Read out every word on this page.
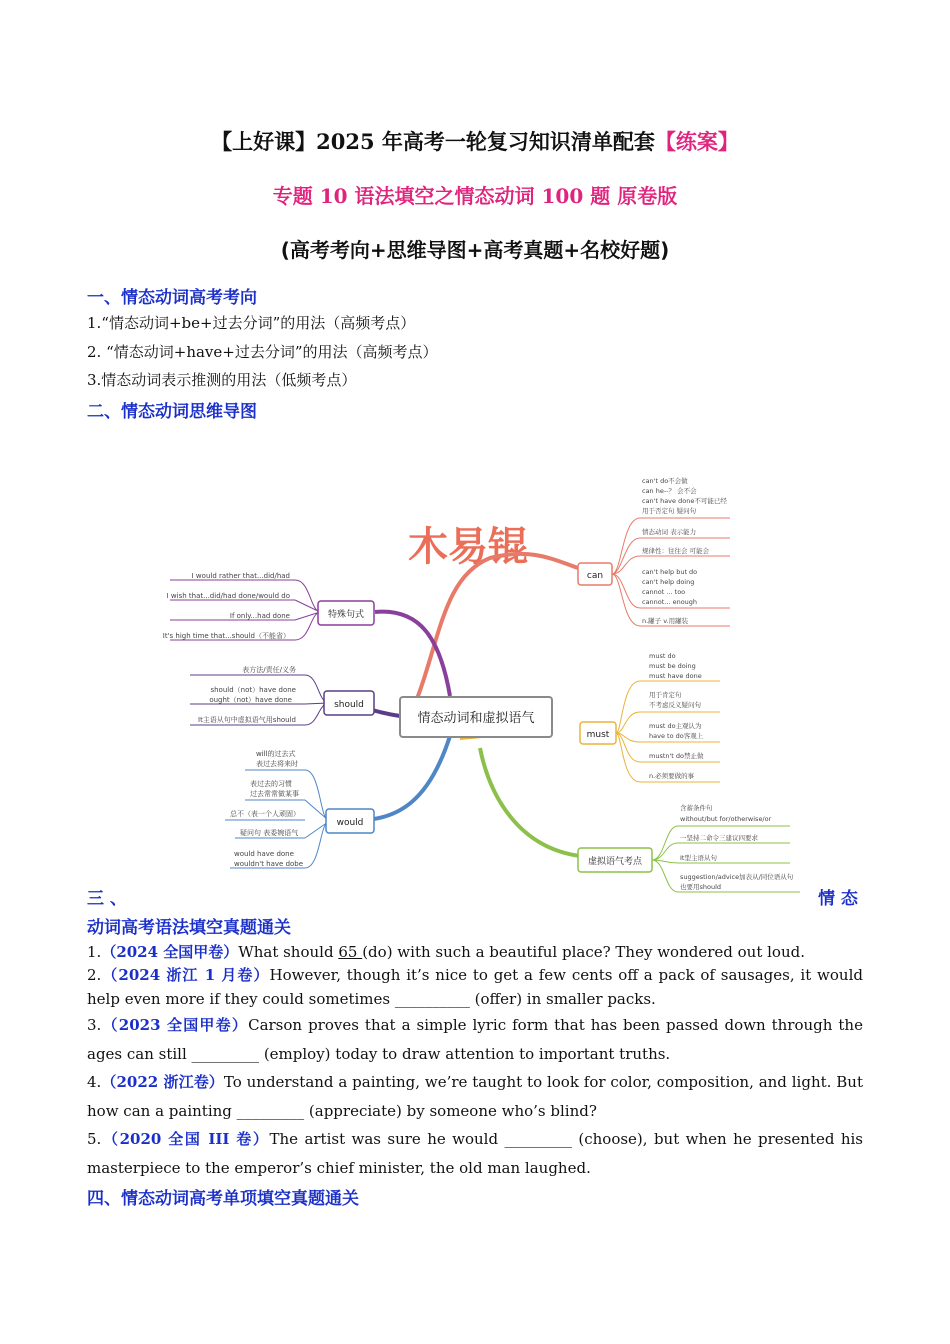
【上好课】2025 年高考一轮复习知识清单配套【练案】
专题 10 语法填空之情态动词 100 题 原卷版
(高考考向+思维导图+高考真题+名校好题)
一、情态动词高考考向
1.“情态动词+be+过去分词”的用法（高频考点）
2. “情态动词+have+过去分词”的用法（高频考点）
3.情态动词表示推测的用法（低频考点）
二、情态动词思维导图
木易锟
情态动词和虚拟语气
特殊句式
I would rather that...did/had
I wish that...did/had done/would do
If only...had done
It's high time that...should（不能省）
should
表方法/责任/义务
should（not）have done
ought（not）have done
It主语从句中虚拟语气用should
would
will的过去式
表过去将来时
表过去的习惯
过去常常做某事
总不（表一个人顽固）
疑问句 表委婉语气
would have done
wouldn't have dobe
can
can't do不会做
can he--？ 会不会
can't have done不可能已经
用于否定句 疑问句
情态动词 表示能力
规律性：往往会 可能会
can't help but do
can't help doing
cannot ... too
cannot... enough
n.罐子 v.用罐装
must
must do
must be doing
must have done
用于肯定句
不考虑反义疑问句
must do主观认为
have to do客观上
mustn't do禁止做
n.必须要做的事
虚拟语气考点
含蓄条件句
without/but for/otherwise/or
一坚持二命令三建议四要求
It型主语从句
suggestion/advice加表从/同位语从句
也要用should
三 、	情 态
动词高考语法填空真题通关
1.（2024 全国甲卷）What should 65 (do) with such a beautiful place? They wondered out loud.
2.（2024 浙江 1 月卷）However, though it’s nice to get a few cents off a pack of sausages, it would help even more if they could sometimes __________ (offer) in smaller packs.
3.（2023 全国甲卷）Carson proves that a simple lyric form that has been passed down through the ages can still _________ (employ) today to draw attention to important truths.
4.（2022 浙江卷）To understand a painting, we’re taught to look for color, composition, and light. But how can a painting _________ (appreciate) by someone who’s blind?
5.（2020 全国 III 卷）The artist was sure he would _________ (choose), but when he presented his masterpiece to the emperor’s chief minister, the old man laughed.
四、情态动词高考单项填空真题通关
